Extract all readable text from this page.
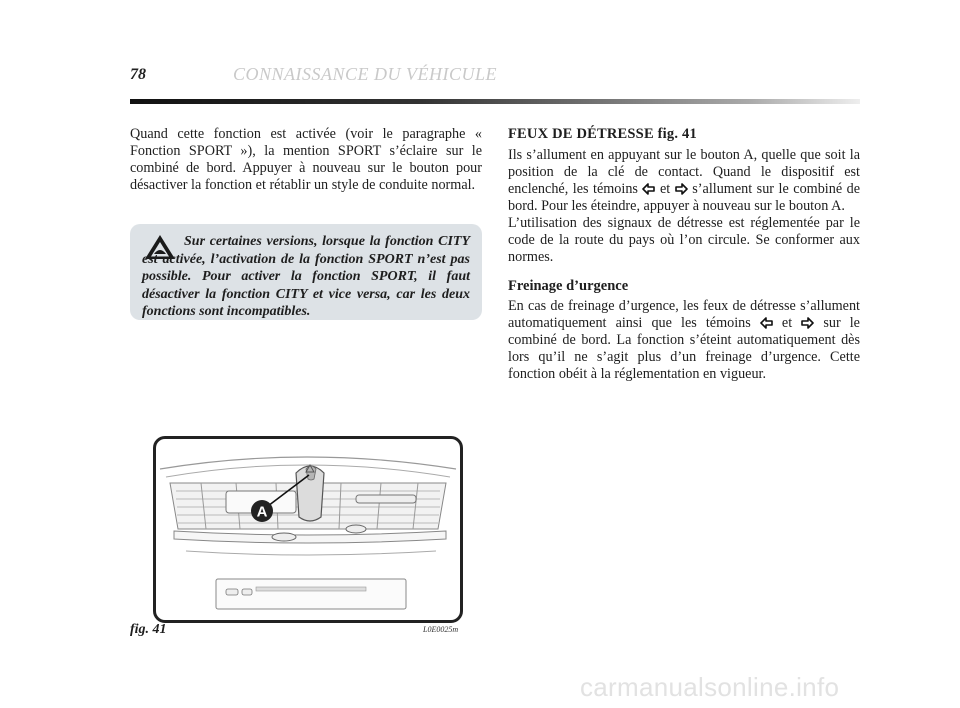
78	CONNAISSANCE DU VÉHICULE

Quand cette fonction est activée (voir le paragraphe « Fonction SPORT »), la mention SPORT s’éclaire sur le combiné de bord. Appuyer à nouveau sur le bouton pour désactiver la fonction et rétablir un style de conduite normal.

Sur certaines versions, lorsque la fonction CITY est activée, l’activation de la fonction SPORT n’est pas possible. Pour activer la fonction SPORT, il faut désactiver la fonction CITY et vice versa, car les deux fonctions sont incompatibles.
FEUX DE DÉTRESSE fig. 41

Ils s’allument en appuyant sur le bouton A, quelle que soit la position de la clé de contact. Quand le dispositif est enclenché, les témoins et s’allument sur le combiné de bord. Pour les éteindre, appuyer à nouveau sur le bouton A.

L’utilisation des signaux de détresse est réglementée par le code de la route du pays où l’on circule. Se conformer aux normes.

Freinage d’urgence

En cas de freinage d’urgence, les feux de détresse s’allument automatiquement ainsi que les témoins et sur le combiné de bord. La fonction s’éteint automatiquement dès lors qu’il ne s’agit plus d’un freinage d’urgence. Cette fonction obéit à la réglementation en vigueur.

A
fig. 41	L0E0025m
carmanualsonline.info
